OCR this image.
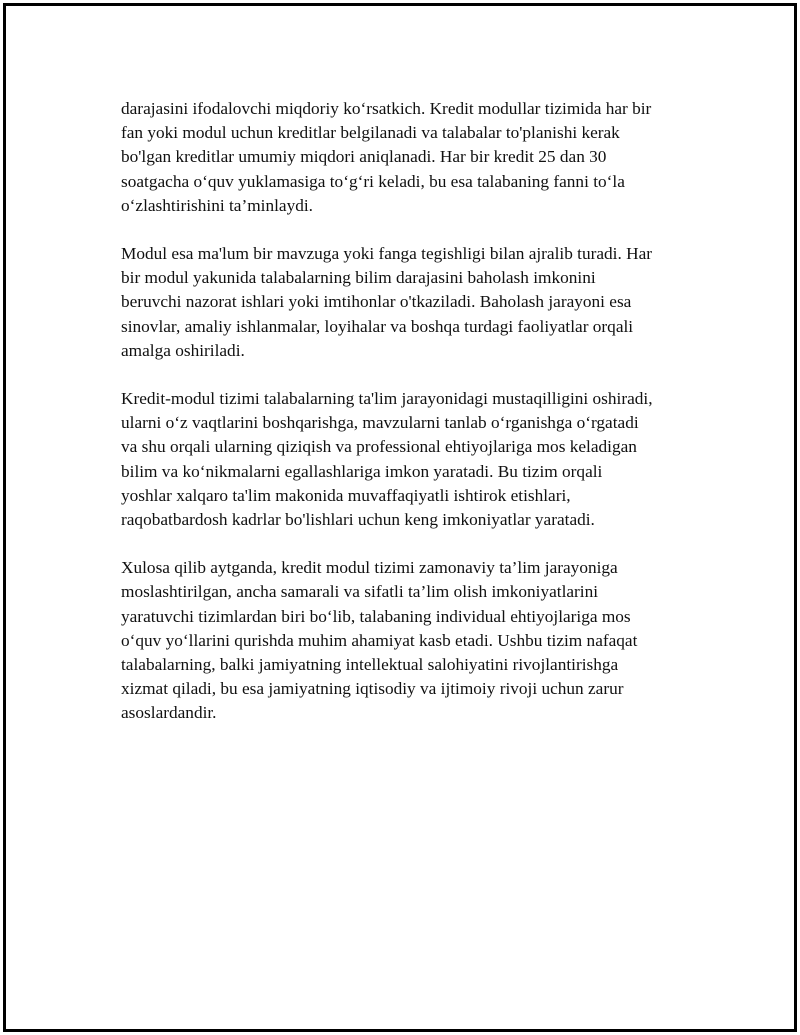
darajasini ifodalovchi miqdoriy ko‘rsatkich. Kredit modullar tizimida har bir
fan yoki modul uchun kreditlar belgilanadi va talabalar to'planishi kerak
bo'lgan kreditlar umumiy miqdori aniqlanadi. Har bir kredit 25 dan 30
soatgacha o‘quv yuklamasiga to‘g‘ri keladi, bu esa talabaning fanni to‘la
o‘zlashtirishini ta’minlaydi.

Modul esa ma'lum bir mavzuga yoki fanga tegishligi bilan ajralib turadi. Har
bir modul yakunida talabalarning bilim darajasini baholash imkonini
beruvchi nazorat ishlari yoki imtihonlar o'tkaziladi. Baholash jarayoni esa
sinovlar, amaliy ishlanmalar, loyihalar va boshqa turdagi faoliyatlar orqali
amalga oshiriladi.

Kredit-modul tizimi talabalarning ta'lim jarayonidagi mustaqilligini oshiradi,
ularni o‘z vaqtlarini boshqarishga, mavzularni tanlab o‘rganishga o‘rgatadi
va shu orqali ularning qiziqish va professional ehtiyojlariga mos keladigan
bilim va ko‘nikmalarni egallashlariga imkon yaratadi. Bu tizim orqali
yoshlar xalqaro ta'lim makonida muvaffaqiyatli ishtirok etishlari,
raqobatbardosh kadrlar bo'lishlari uchun keng imkoniyatlar yaratadi.

Xulosa qilib aytganda, kredit modul tizimi zamonaviy ta’lim jarayoniga
moslashtirilgan, ancha samarali va sifatli ta’lim olish imkoniyatlarini
yaratuvchi tizimlardan biri bo‘lib, talabaning individual ehtiyojlariga mos
o‘quv yo‘llarini qurishda muhim ahamiyat kasb etadi. Ushbu tizim nafaqat
talabalarning, balki jamiyatning intellektual salohiyatini rivojlantirishga
xizmat qiladi, bu esa jamiyatning iqtisodiy va ijtimoiy rivoji uchun zarur
asoslardandir.
